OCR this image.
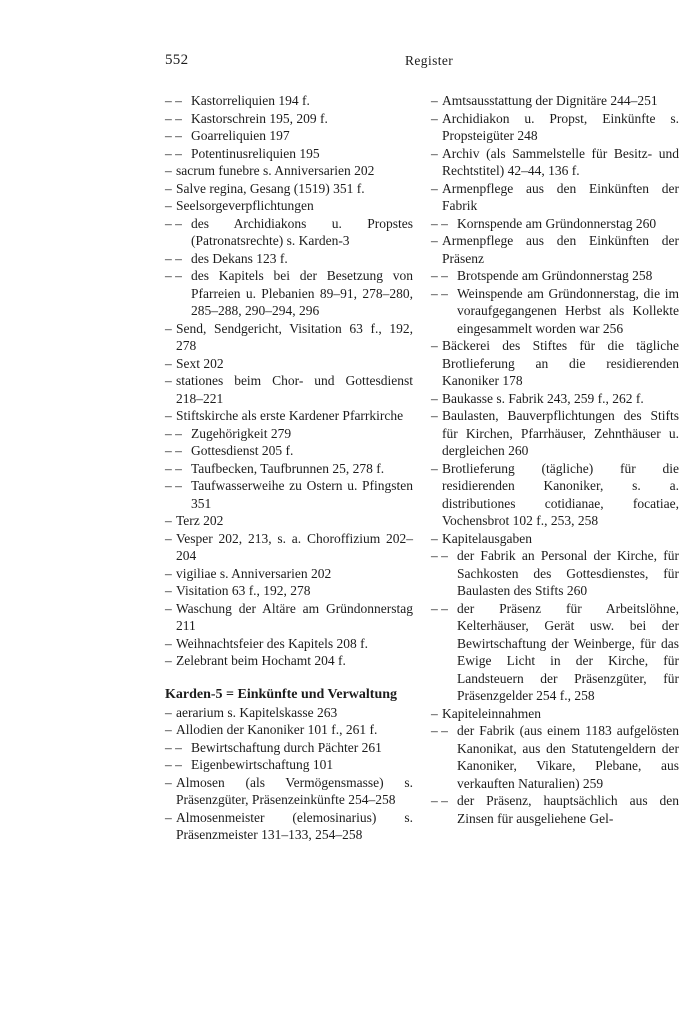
552	Register
– – Kastorreliquien 194 f.
– – Kastorschrein 195, 209 f.
– – Goarreliquien 197
– – Potentinusreliquien 195
– sacrum funebre s. Anniversarien 202
– Salve regina, Gesang (1519) 351 f.
– Seelsorgeverpflichtungen
– – des Archidiakons u. Propstes (Patronatsrechte) s. Karden-3
– – des Dekans 123 f.
– – des Kapitels bei der Besetzung von Pfarreien u. Plebanien 89–91, 278–280, 285–288, 290–294, 296
– Send, Sendgericht, Visitation 63 f., 192, 278
– Sext 202
– stationes beim Chor- und Gottesdienst 218–221
– Stiftskirche als erste Kardener Pfarrkirche
– – Zugehörigkeit 279
– – Gottesdienst 205 f.
– – Taufbecken, Taufbrunnen 25, 278 f.
– – Taufwasserweihe zu Ostern u. Pfingsten 351
– Terz 202
– Vesper 202, 213, s. a. Choroffizium 202–204
– vigiliae s. Anniversarien 202
– Visitation 63 f., 192, 278
– Waschung der Altäre am Gründonnerstag 211
– Weihnachtsfeier des Kapitels 208 f.
– Zelebrant beim Hochamt 204 f.
Karden-5 = Einkünfte und Verwaltung
– aerarium s. Kapitelskasse 263
– Allodien der Kanoniker 101 f., 261 f.
– – Bewirtschaftung durch Pächter 261
– – Eigenbewirtschaftung 101
– Almosen (als Vermögensmasse) s. Präsenzgüter, Präsenzeinkünfte 254–258
– Almosenmeister (elemosinarius) s. Präsenzmeister 131–133, 254–258
– Amtsausstattung der Dignitäre 244–251
– Archidiakon u. Propst, Einkünfte s. Propsteigüter 248
– Archiv (als Sammelstelle für Besitz- und Rechtstitel) 42–44, 136 f.
– Armenpflege aus den Einkünften der Fabrik
– – Kornspende am Gründonnerstag 260
– Armenpflege aus den Einkünften der Präsenz
– – Brotspende am Gründonnerstag 258
– – Weinspende am Gründonnerstag, die im voraufgegangenen Herbst als Kollekte eingesammelt worden war 256
– Bäckerei des Stiftes für die tägliche Brotlieferung an die residierenden Kanoniker 178
– Baukasse s. Fabrik 243, 259 f., 262 f.
– Baulasten, Bauverpflichtungen des Stifts für Kirchen, Pfarrhäuser, Zehnthäuser u. dergleichen 260
– Brotlieferung (tägliche) für die residierenden Kanoniker, s. a. distributiones cotidianae, focatiae, Vochensbrot 102 f., 253, 258
– Kapitelausgaben
– – der Fabrik an Personal der Kirche, für Sachkosten des Gottesdienstes, für Baulasten des Stifts 260
– – der Präsenz für Arbeitslöhne, Kelterhäuser, Gerät usw. bei der Bewirtschaftung der Weinberge, für das Ewige Licht in der Kirche, für Landsteuern der Präsenzgüter, für Präsenzgelder 254 f., 258
– Kapiteleinnahmen
– – der Fabrik (aus einem 1183 aufgelösten Kanonikat, aus den Statutengeldern der Kanoniker, Vikare, Plebane, aus verkauften Naturalien) 259
– – der Präsenz, hauptsächlich aus den Zinsen für ausgeliehene Gel-
